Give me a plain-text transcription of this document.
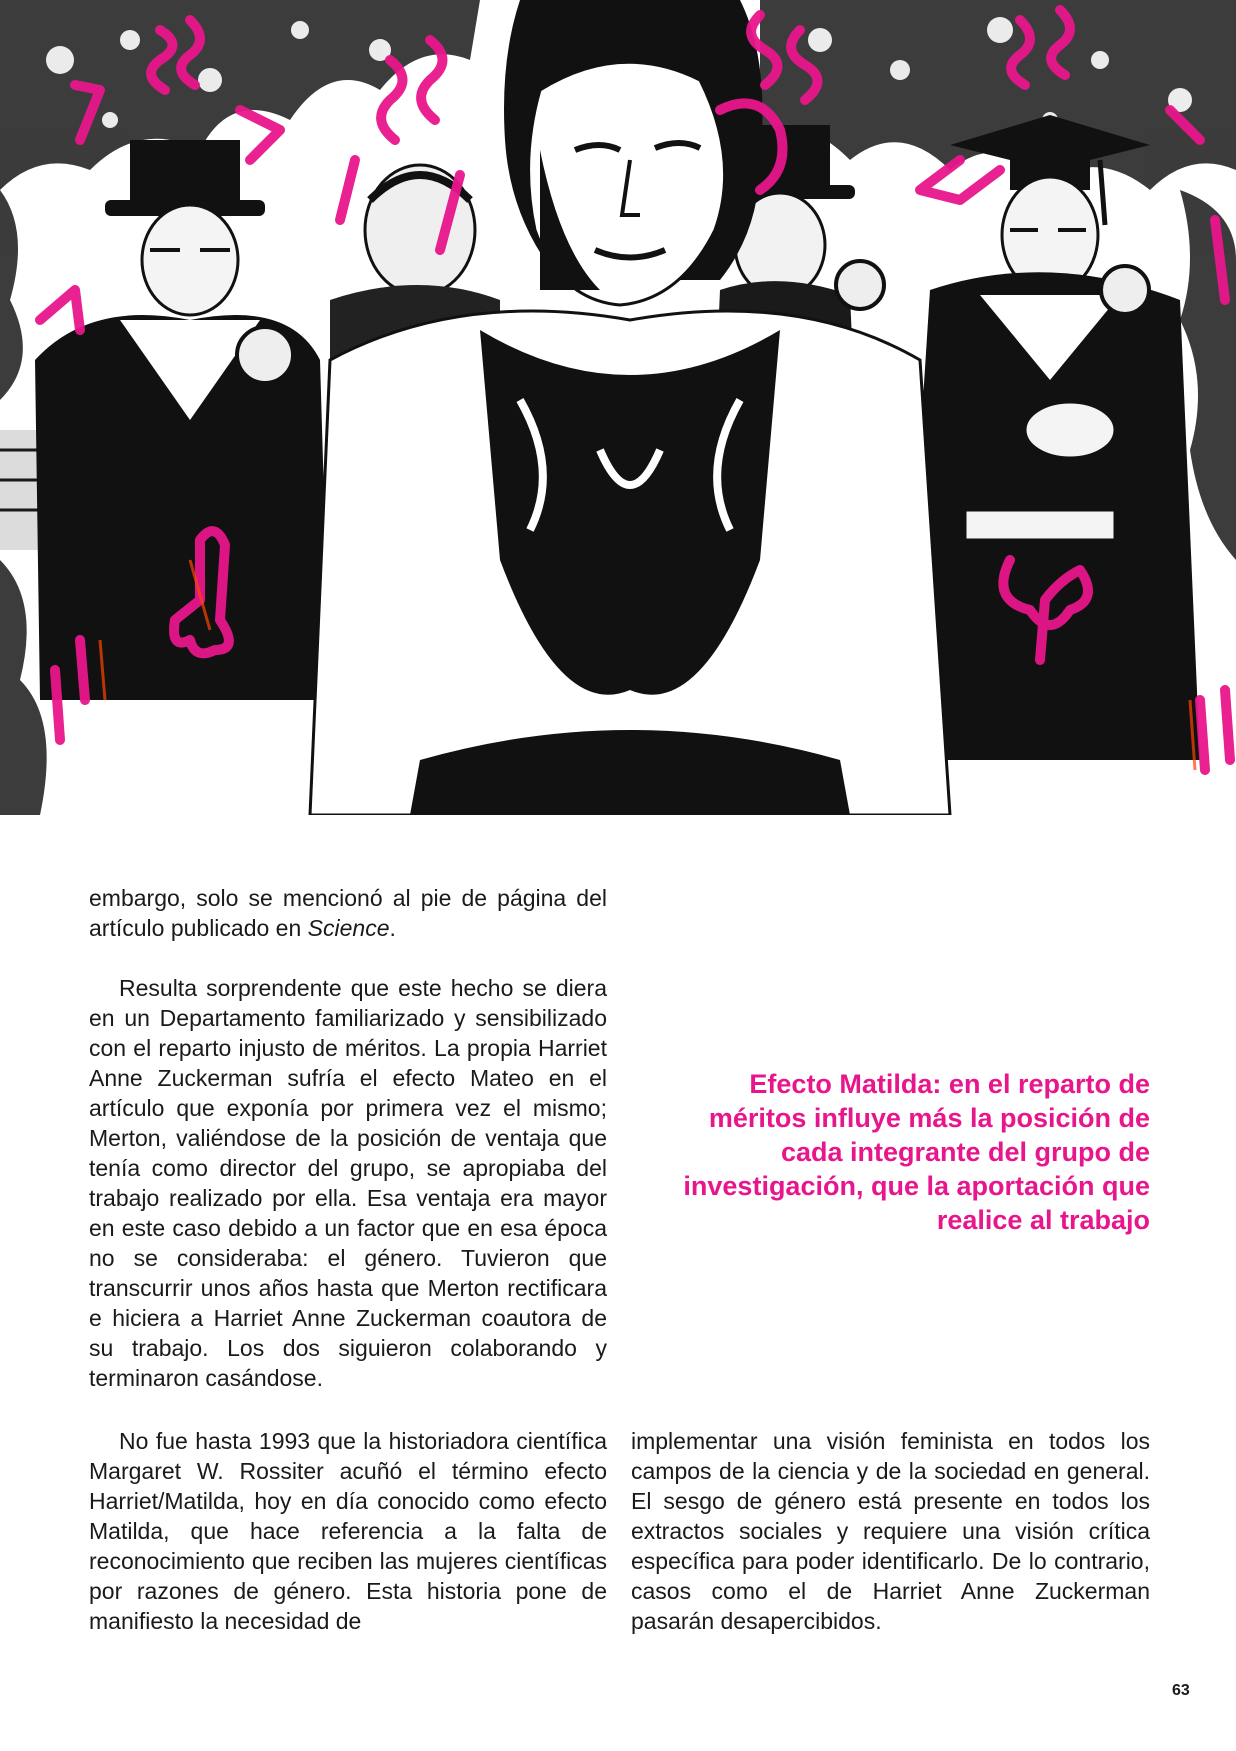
embargo, solo se mencionó al pie de página del artículo publicado en Science.

Resulta sorprendente que este hecho se diera en un Departamento familiarizado y sensibilizado con el reparto injusto de méritos. La propia Harriet Anne Zuckerman sufría el efecto Mateo en el artículo que exponía por primera vez el mismo; Merton, valiéndose de la posición de ventaja que tenía como director del grupo, se apropiaba del trabajo realizado por ella. Esa ventaja era mayor en este caso debido a un factor que en esa época no se consideraba: el género. Tuvieron que transcurrir unos años hasta que Merton rectificara e hiciera a Harriet Anne Zuckerman coautora de su trabajo. Los dos siguieron colaborando y terminaron casándose.

No fue hasta 1993 que la historiadora científica Margaret W. Rossiter acuñó el término efecto Harriet/Matilda, hoy en día conocido como efecto Matilda, que hace referencia a la falta de reconocimiento que reciben las mujeres científicas por razones de género. Esta historia pone de manifiesto la necesidad de

implementar una visión feminista en todos los campos de la ciencia y de la sociedad en general. El sesgo de género está presente en todos los extractos sociales y requiere una visión crítica específica para poder identificarlo. De lo contrario, casos como el de Harriet Anne Zuckerman pasarán desapercibidos.

Efecto Matilda: en el reparto de méritos influye más la posición de cada integrante del grupo de investigación, que la aportación que realice al trabajo
63
